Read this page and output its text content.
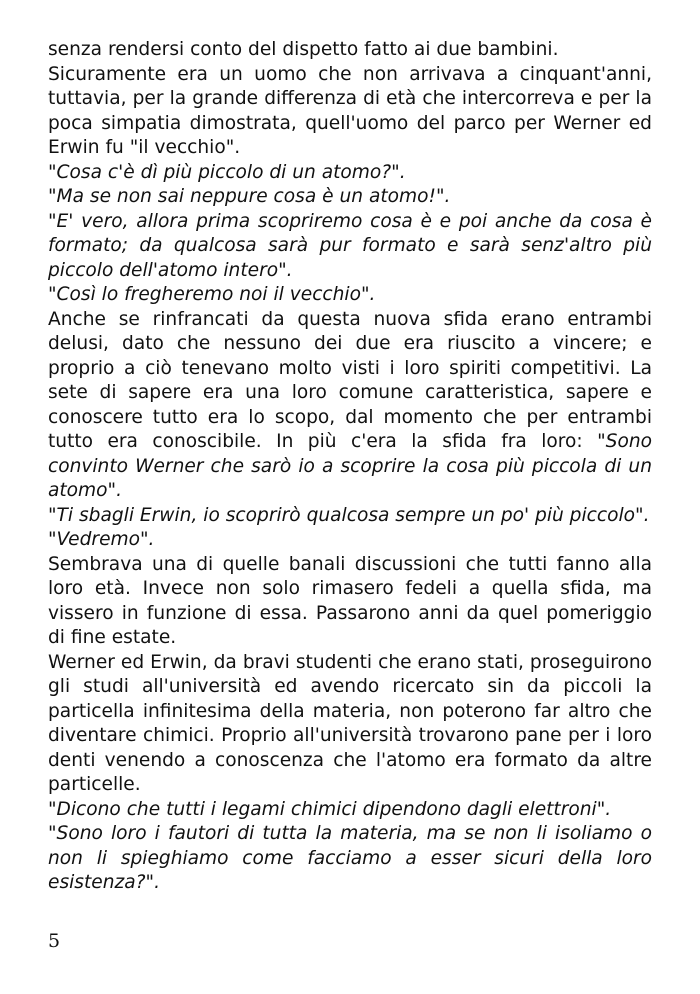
senza rendersi conto del dispetto fatto ai due bambini.

Sicuramente era un uomo che non arrivava a cinquant'anni, tuttavia, per la grande differenza di età che intercorreva e per la poca simpatia dimostrata, quell'uomo del parco per Werner ed Erwin fu "il vecchio".

"Cosa c'è dì più piccolo di un atomo?".

"Ma se non sai neppure cosa è un atomo!".

"E' vero, allora prima scopriremo cosa è e poi anche da cosa è formato; da qualcosa sarà pur formato e sarà senz'altro più piccolo dell'atomo intero".

"Così lo fregheremo noi il vecchio".

Anche se rinfrancati da questa nuova sfida erano entrambi delusi, dato che nessuno dei due era riuscito a vincere; e proprio a ciò tenevano molto visti i loro spiriti competitivi. La sete di sapere era una loro comune caratteristica, sapere e conoscere tutto era lo scopo, dal momento che per entrambi tutto era conoscibile. In più c'era la sfida fra loro: "Sono convinto Werner che sarò io a scoprire la cosa più piccola di un atomo".

"Ti sbagli Erwin, io scoprirò qualcosa sempre un po' più piccolo".

"Vedremo".

Sembrava una di quelle banali discussioni che tutti fanno alla loro età. Invece non solo rimasero fedeli a quella sfida, ma vissero in funzione di essa. Passarono anni da quel pomeriggio di fine estate.

Werner ed Erwin, da bravi studenti che erano stati, proseguirono gli studi all'università ed avendo ricercato sin da piccoli la particella infinitesima della materia, non poterono far altro che diventare chimici. Proprio all'università trovarono pane per i loro denti venendo a conoscenza che l'atomo era formato da altre particelle.

"Dicono che tutti i legami chimici dipendono dagli elettroni".

"Sono loro i fautori di tutta la materia, ma se non li isoliamo o non li spieghiamo come facciamo a esser sicuri della loro esistenza?".

5
